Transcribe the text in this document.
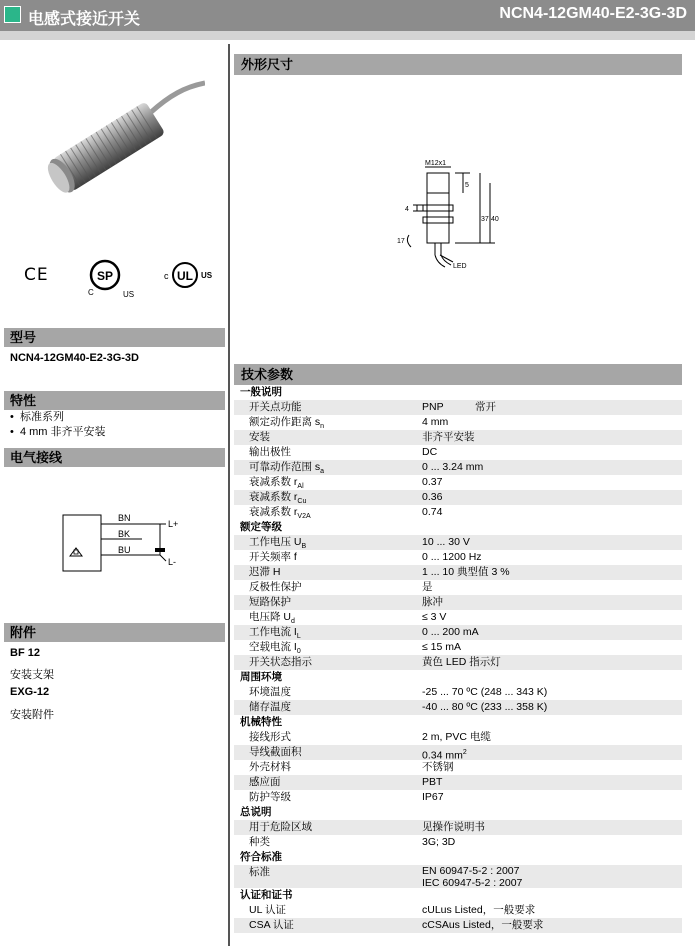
电感式接近开关	NCN4-12GM40-E2-3G-3D
CE	SP
C	US
c UL US
型号
NCN4-12GM40-E2-3G-3D
特性
•  标准系列
•  4 mm 非齐平安装
电气接线
BN
BK
BU
L+
L-
附件
BF 12
安装支架
EXG-12
安装附件
外形尺寸
M12x1
5
4
37 40
17
LED
技术参数
一般说明
开关点功能	PNP	常开
额定动作距离 $s_n$	4 mm
安装	非齐平安装
输出极性	DC
可靠动作范围 $s_a$	0 ... 3.24 mm
衰减系数 $r_{Al}$	0.37
衰减系数 $r_{Cu}$	0.36
衰减系数 $r_{V2A}$	0.74
额定等级
工作电压 $U_B$	10 ... 30 V
开关频率 f	0 ... 1200 Hz
迟滞 H	1 ... 10 典型值 3 %
反极性保护	是
短路保护	脉冲
电压降 $U_d$	≤ 3 V
工作电流 $I_L$	0 ... 200 mA
空载电流 $I_0$	≤ 15 mA
开关状态指示	黄色 LED 指示灯
周围环境
环境温度	-25 ... 70 ºC (248 ... 343 K)
储存温度	-40 ... 80 ºC (233 ... 358 K)
机械特性
接线形式	2 m, PVC 电缆
导线截面积	0.34 $mm^2$
外壳材料	不锈钢
感应面	PBT
防护等级	IP67
总说明
用于危险区域	见操作说明书
种类	3G; 3D
符合标准
标准	EN 60947-5-2 : 2007
IEC 60947-5-2 : 2007
认证和证书
UL 认证	cULus Listed，一般要求
CSA 认证	cCSAus Listed，一般要求
